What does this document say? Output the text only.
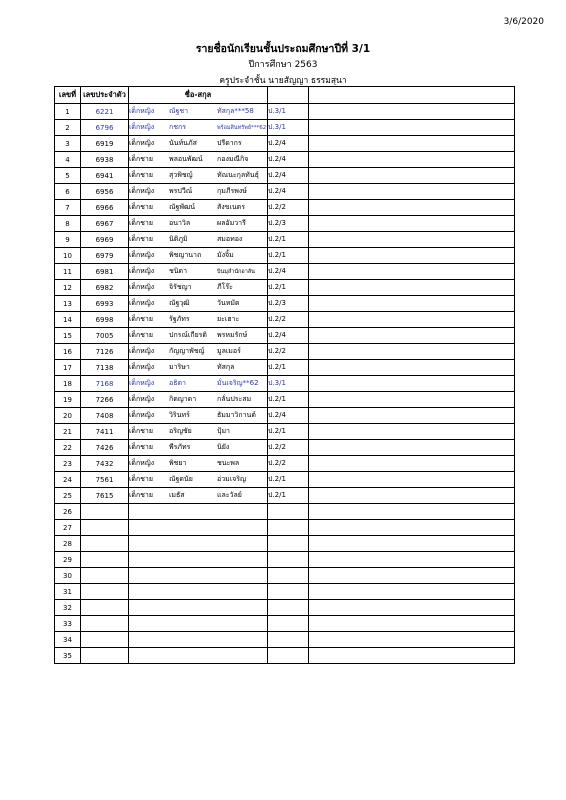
3/6/2020
รายชื่อนักเรียนชั้นประถมศึกษาปีที่ 3/1
ปีการศึกษา 2563
ครูประจำชั้น นายสัญญา ธรรมสุนา
เลขที่	เลขประจำตัว	ชื่อ-สกุล		
1	6221	เด็กหญิง ณัฐชา ทัสกุล***58	ป.3/1	
2	6796	เด็กหญิง กชกร พร้อมสินทรัพย์***62	ป.3/1	
3	6919	เด็กหญิง นันท์นภัส ปรีดากร	ป.2/4	
4	6938	เด็กชาย พลอนพัฒน์ กองมณีกิจ	ป.2/4	
5	6941	เด็กชาย สุวพิชญ์ ทัณนะกุลทันธุ์	ป.2/4	
6	6956	เด็กหญิง พรปวีณ์ กุมภีรพงษ์	ป.2/4	
7	6966	เด็กชาย ณัฐพัฒน์ สังขเนตร	ป.2/2	
8	6967	เด็กชาย อนาวิล ผลอัมวารี	ป.2/3	
9	6969	เด็กชาย นิติภูมิ สมอทอง	ป.2/1	
10	6979	เด็กหญิง พิชญานาถ มังจิ้ม	ป.2/1	
11	6981	เด็กหญิง ชนิดา บินมุสำนักอาลัน	ป.2/4	
12	6982	เด็กหญิง จิรัชญา ภีโร๊ะ	ป.2/1	
13	6993	เด็กหญิง ณัฐวุฒิ วันหมัด	ป.2/3	
14	6998	เด็กชาย รัฐภัทร ยะเฮาะ	ป.2/2	
15	7005	เด็กชาย ปกรณ์เกียรติ พรหมรักษ์	ป.2/4	
16	7126	เด็กหญิง กัญญาพัชญ์ มูลเมอร์	ป.2/2	
17	7138	เด็กหญิง มาริษา ทัสกุล	ป.2/1	
18	7168	เด็กหญิง อธิตา มั่นเจริญ**62	ป.3/1	
19	7266	เด็กหญิง กิตญาดา กลั่นประสม	ป.2/1	
20	7408	เด็กหญิง วิรินทร์ ธัมมาวิกานต์	ป.2/4	
21	7411	เด็กชาย อริญชัย ปุ้มา	ป.2/1	
22	7426	เด็กชาย พีรภัทร นิยัง	ป.2/2	
23	7432	เด็กหญิง พิชยา ชนะพล	ป.2/2	
24	7561	เด็กชาย ณัฐดนัย อ่วมเจริญ	ป.2/1	
25	7615	เด็กชาย เมธัส และวัลย์	ป.2/1	
26				
27				
28				
29				
30				
31				
32				
33				
34				
35				
